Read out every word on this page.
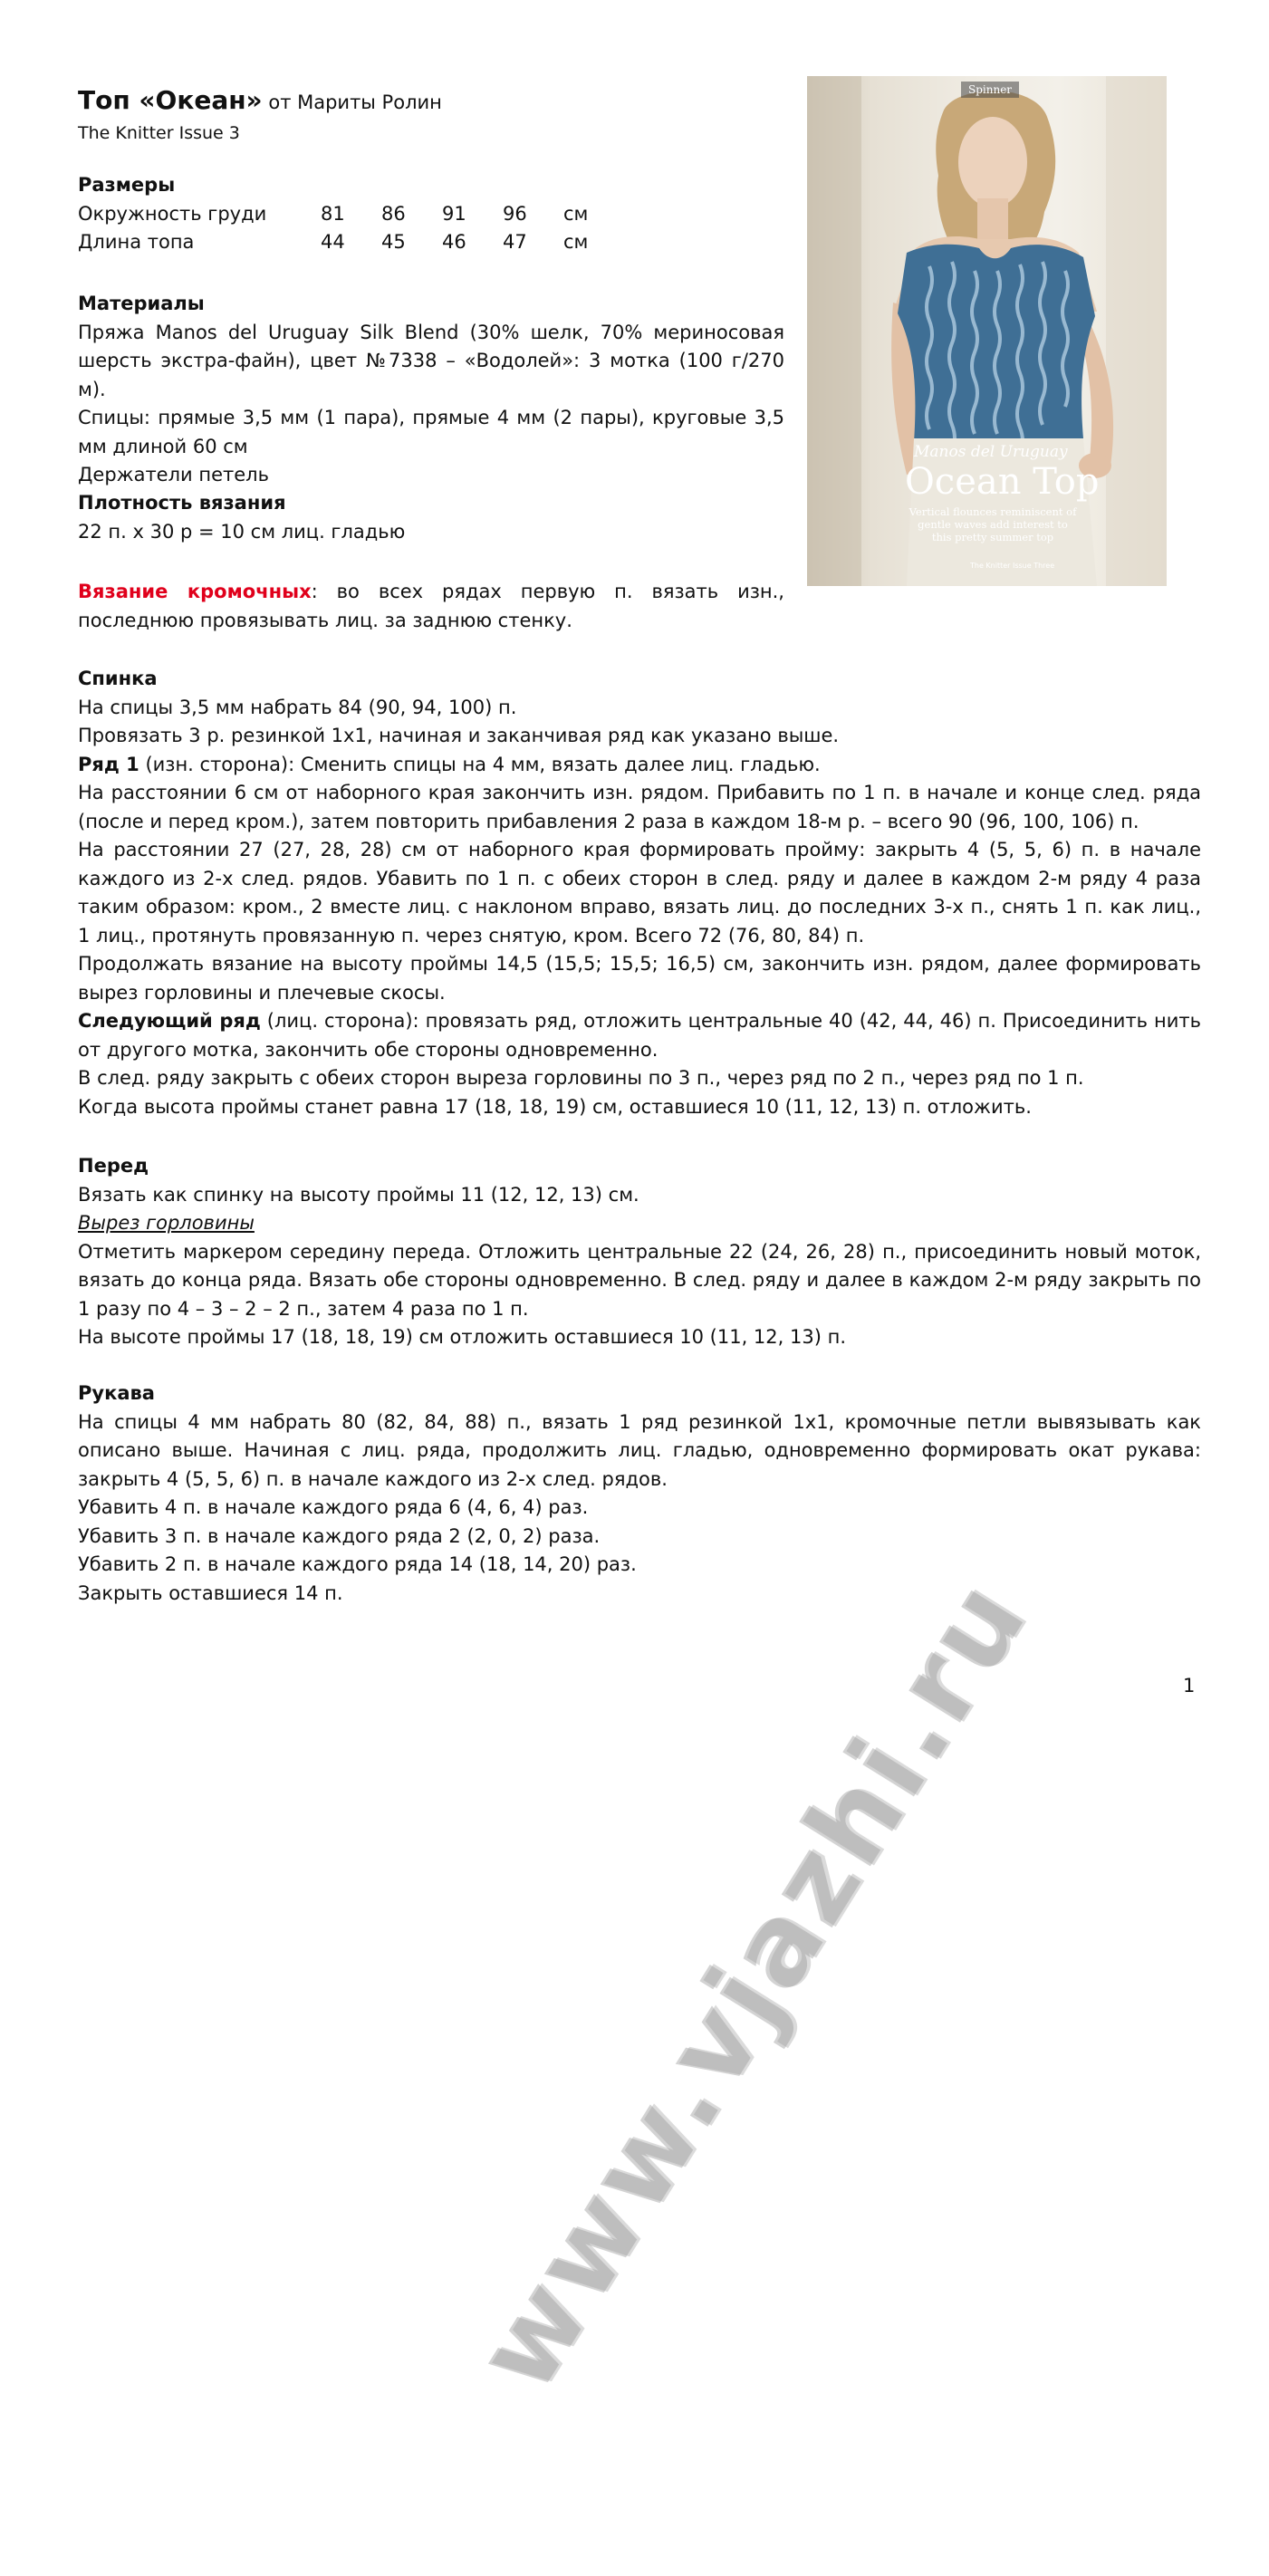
Топ «Океан» от Мариты Ролин
The Knitter Issue 3
Размеры
Окружность груди	81	86	91	96	см
Длина топа	44	45	46	47	см
Материалы

Пряжа Manos del Uruguay Silk Blend (30% шелк, 70% мериносовая шерсть экстра-файн), цвет №7338 – «Водолей»: 3 мотка (100 г/270 м).

Спицы: прямые 3,5 мм (1 пара), прямые 4 мм (2 пары), круговые 3,5 мм длиной 60 см

Держатели петель

Плотность вязания

22 п. х 30 р = 10 см лиц. гладью

Вязание кромочных: во всех рядах первую п. вязать изн., последнюю провязывать лиц. за заднюю стенку.

Спинка

На спицы 3,5 мм набрать 84 (90, 94, 100) п.

Провязать 3 р. резинкой 1х1, начиная и заканчивая ряд как указано выше.

Ряд 1 (изн. сторона): Сменить спицы на 4 мм, вязать далее лиц. гладью.

На расстоянии 6 см от наборного края закончить изн. рядом. Прибавить по 1 п. в начале и конце след. ряда (после и перед кром.), затем повторить прибавления 2 раза в каждом 18-м р. – всего 90 (96, 100, 106) п.

На расстоянии 27 (27, 28, 28) см от наборного края формировать пройму: закрыть 4 (5, 5, 6) п. в начале каждого из 2-х след. рядов. Убавить по 1 п. с обеих сторон в след. ряду и далее в каждом 2-м ряду 4 раза таким образом: кром., 2 вместе лиц. с наклоном вправо, вязать лиц. до последних 3-х п., снять 1 п. как лиц., 1 лиц., протянуть провязанную п. через снятую, кром. Всего 72 (76, 80, 84) п.

Продолжать вязание на высоту проймы 14,5 (15,5; 15,5; 16,5) см, закончить изн. рядом, далее формировать вырез горловины и плечевые скосы.

Следующий ряд (лиц. сторона): провязать ряд, отложить центральные 40 (42, 44, 46) п. Присоединить нить от другого мотка, закончить обе стороны одновременно.

В след. ряду закрыть с обеих сторон выреза горловины по 3 п., через ряд по 2 п., через ряд по 1 п.

Когда высота проймы станет равна 17 (18, 18, 19) см, оставшиеся 10 (11, 12, 13) п. отложить.

Перед

Вязать как спинку на высоту проймы 11 (12, 12, 13) см.

Вырез горловины

Отметить маркером середину переда. Отложить центральные 22 (24, 26, 28) п., присоединить новый моток, вязать до конца ряда. Вязать обе стороны одновременно. В след. ряду и далее в каждом 2-м ряду закрыть по 1 разу по 4 – 3 – 2 – 2 п., затем 4 раза по 1 п.

На высоте проймы 17 (18, 18, 19) см отложить оставшиеся 10 (11, 12, 13) п.

Рукава

На спицы 4 мм набрать 80 (82, 84, 88) п., вязать 1 ряд резинкой 1х1, кромочные петли вывязывать как описано выше. Начиная с лиц. ряда, продолжить лиц. гладью, одновременно формировать окат рукава: закрыть 4 (5, 5, 6) п. в начале каждого из 2-х след. рядов.

Убавить 4 п. в начале каждого ряда 6 (4, 6, 4) раз.

Убавить 3 п. в начале каждого ряда 2 (2, 0, 2) раза.

Убавить 2 п. в начале каждого ряда 14 (18, 14, 20) раз.

Закрыть оставшиеся 14 п.

Spinner
Manos del Uruguay
Ocean Top
Vertical flounces reminiscent of gentle waves add interest to this pretty summer top
The Knitter Issue Three
www.vjazhi.ru	1
